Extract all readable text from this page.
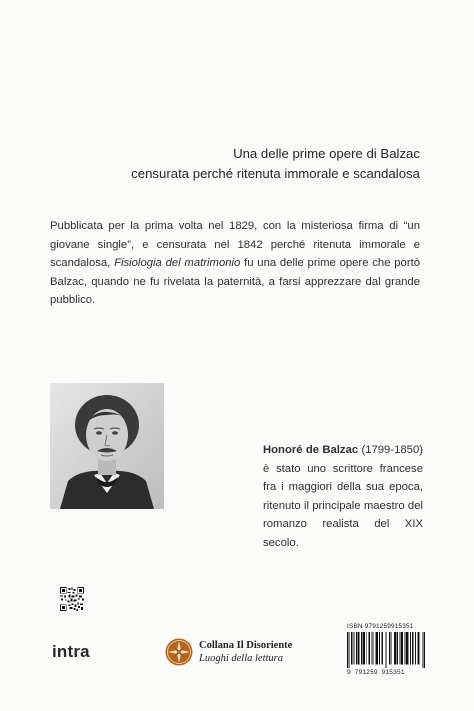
Una delle prime opere di Balzac
censurata perché ritenuta immorale e scandalosa
Pubblicata per la prima volta nel 1829, con la misteriosa firma di “un giovane single”, e censurata nel 1842 perché ritenuta immorale e scandalosa, Fisiologia del matrimonio fu una delle prime opere che portò Balzac, quando ne fu rivelata la paternità, a farsi apprezzare dal grande pubblico.
Honoré de Balzac (1799-1850) è stato uno scrittore francese fra i maggiori della sua epoca, ritenuto il principale maestro del romanzo realista del XIX secolo.
intra	Collana Il Disoriente
Luoghi della lettura
ISBN 9791259915351
9 791259 915351
